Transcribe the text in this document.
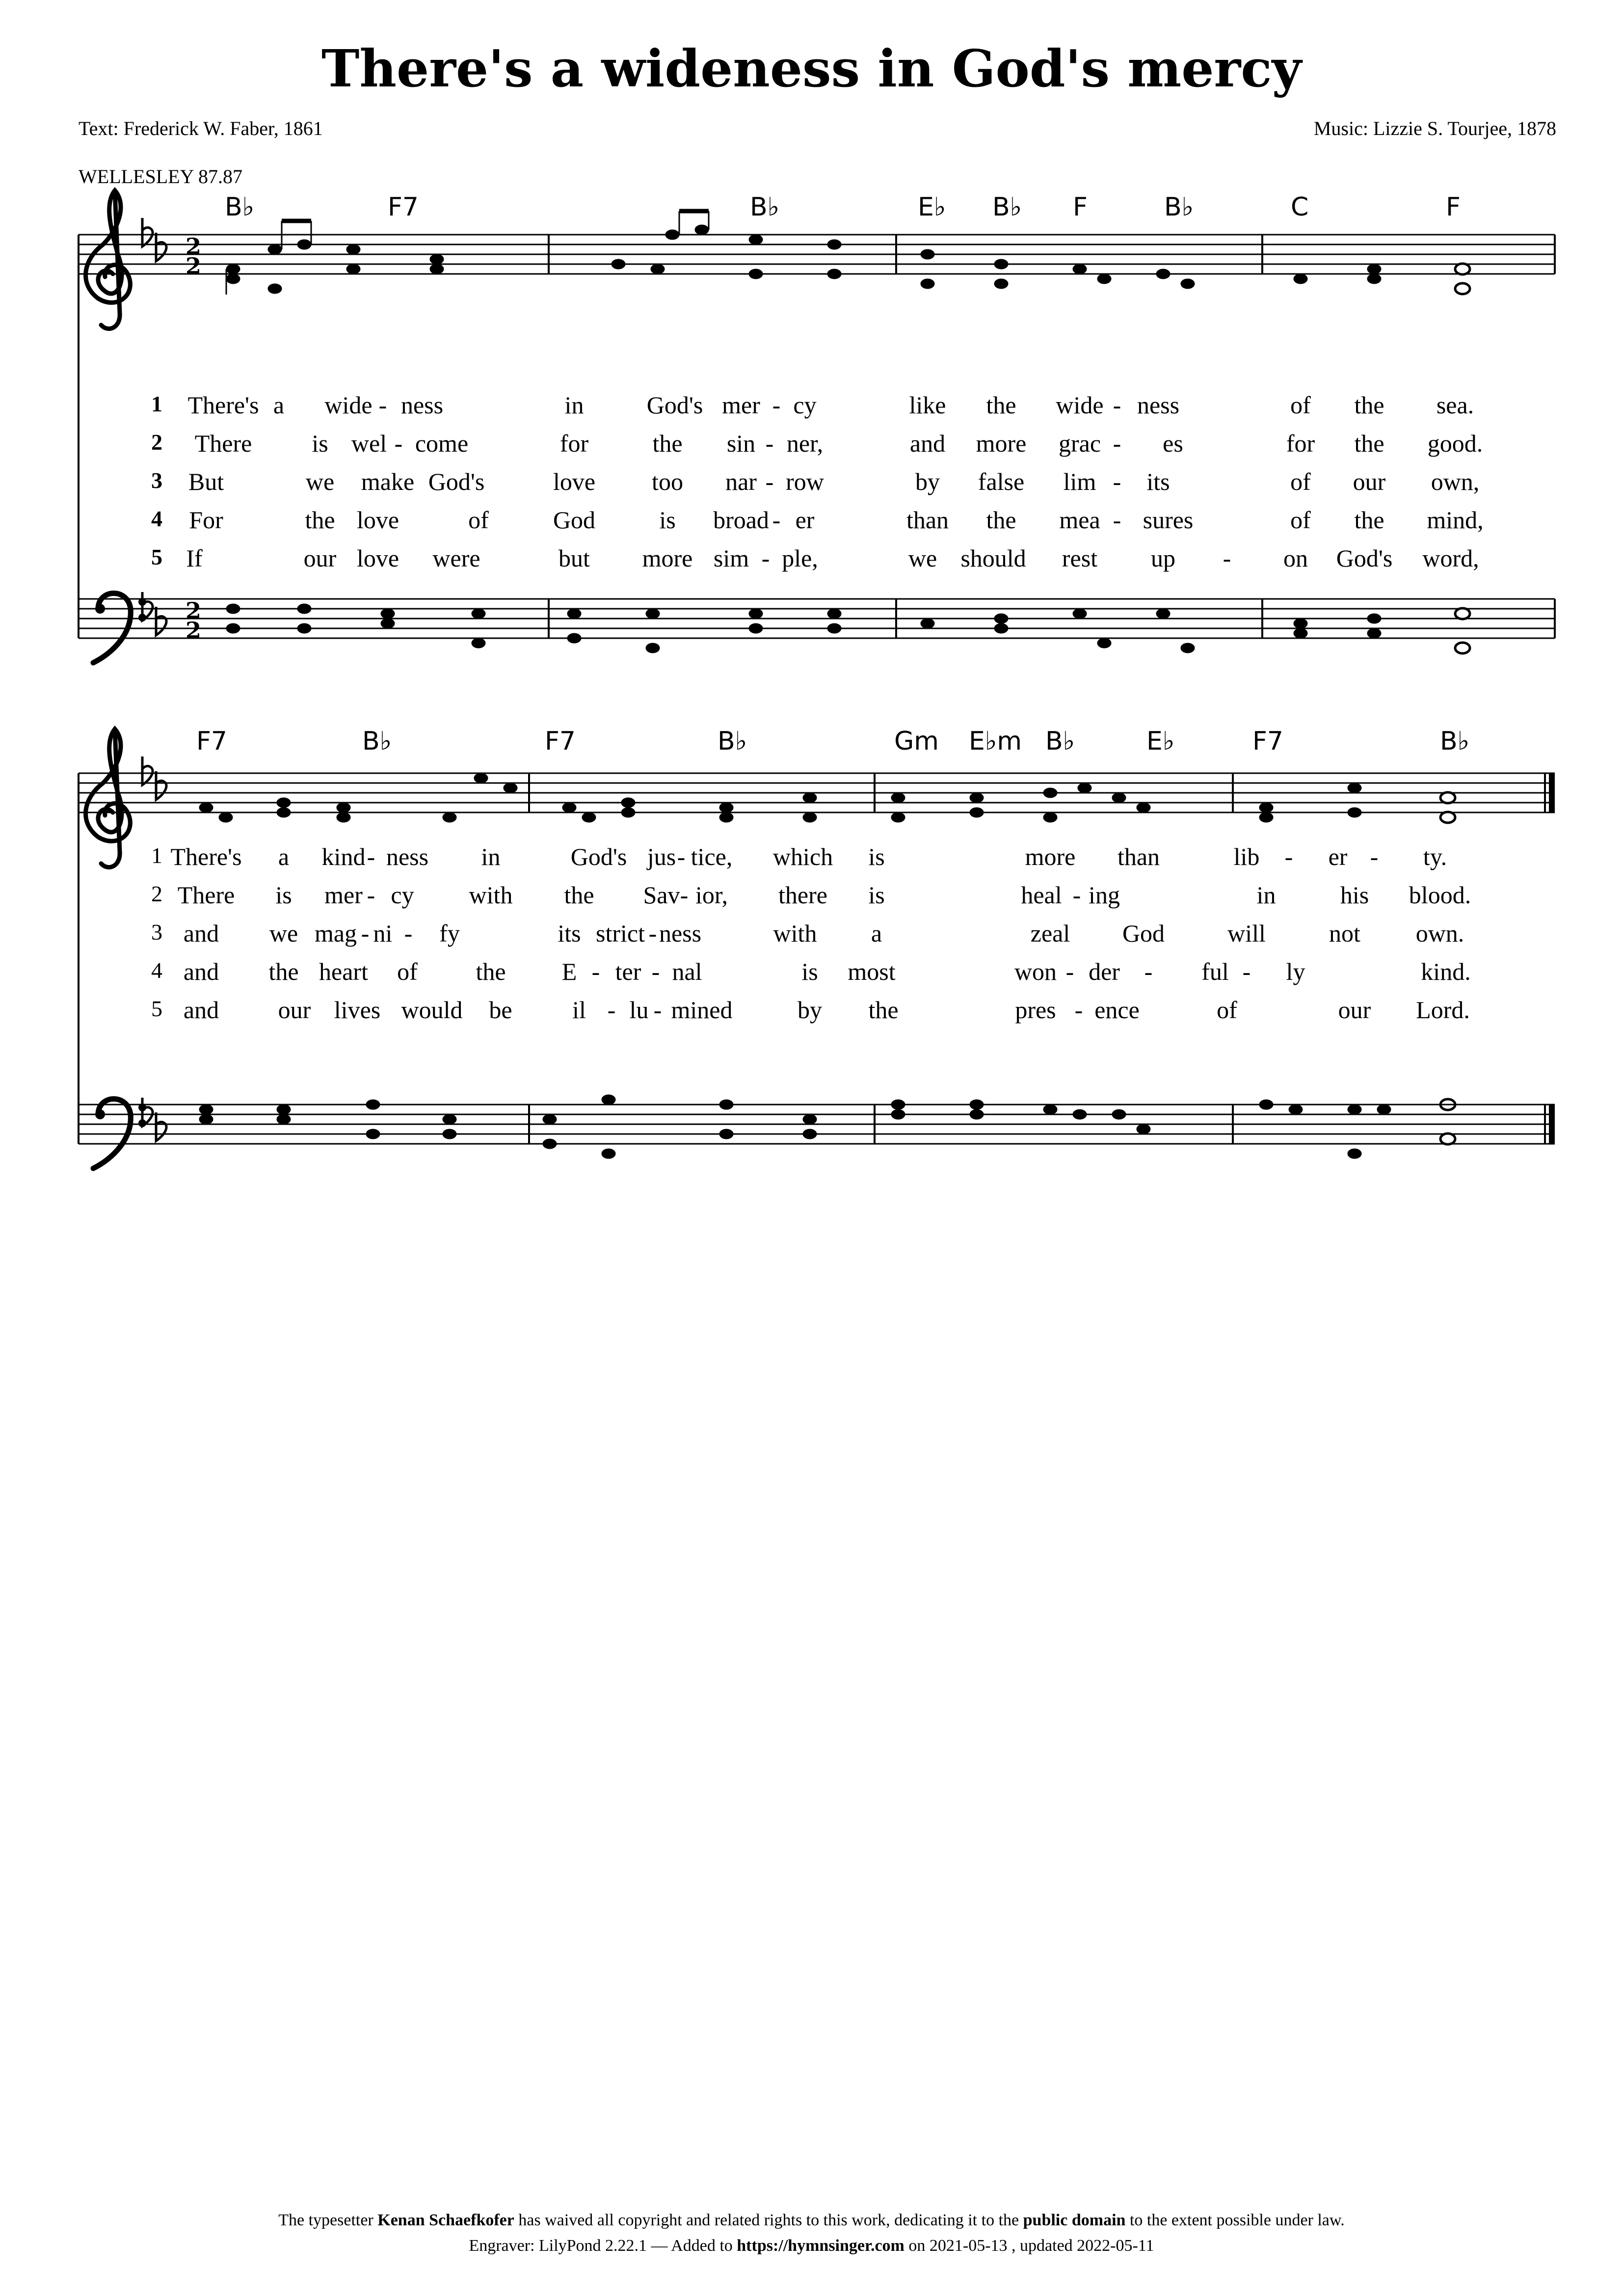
There's a wideness in God's mercy
Text: Frederick W. Faber, 1861	Music: Lizzie S. Tourjee, 1878
WELLESLEY 87.87
B♭	F7	B♭	E♭ B♭ F	B♭	C	F
F7	B♭	F7	B♭	Gm E♭m B♭	E♭	F7	B♭
2
2
2
2
1 There's a wide - ness	in	God's mer - cy	like the wide - ness	of the sea.
2 There is wel - come	for	the sin - ner,	and more grac - es	for the good.
3 But	we make God's	love too nar - row	by false lim - its	of our own,
4 For	the love	of	God	is broad - er	than the mea - sures	of the mind,
5 If	our love were	but more sim - ple,	we should rest up - on God's word,
1 There's a kind - ness in	God's jus - tice, which is	more than	lib - er - ty.
2 There is mer - cy with the Sav - ior, there is	heal - ing	in	his blood.
3 and we mag - ni - fy	its strict - ness	with a	zeal God	will	not own.
4 and the heart of the E - ter - nal	is most	won - der - ful - ly	kind.
5 and our lives would be il - lu - mined	by the	pres - ence	of	our Lord.
The typesetter Kenan Schaefkofer has waived all copyright and related rights to this work, dedicating it to the public domain to the extent possible under law.
Engraver: LilyPond 2.22.1 — Added to https://hymnsinger.com on 2021-05-13 , updated 2022-05-11
